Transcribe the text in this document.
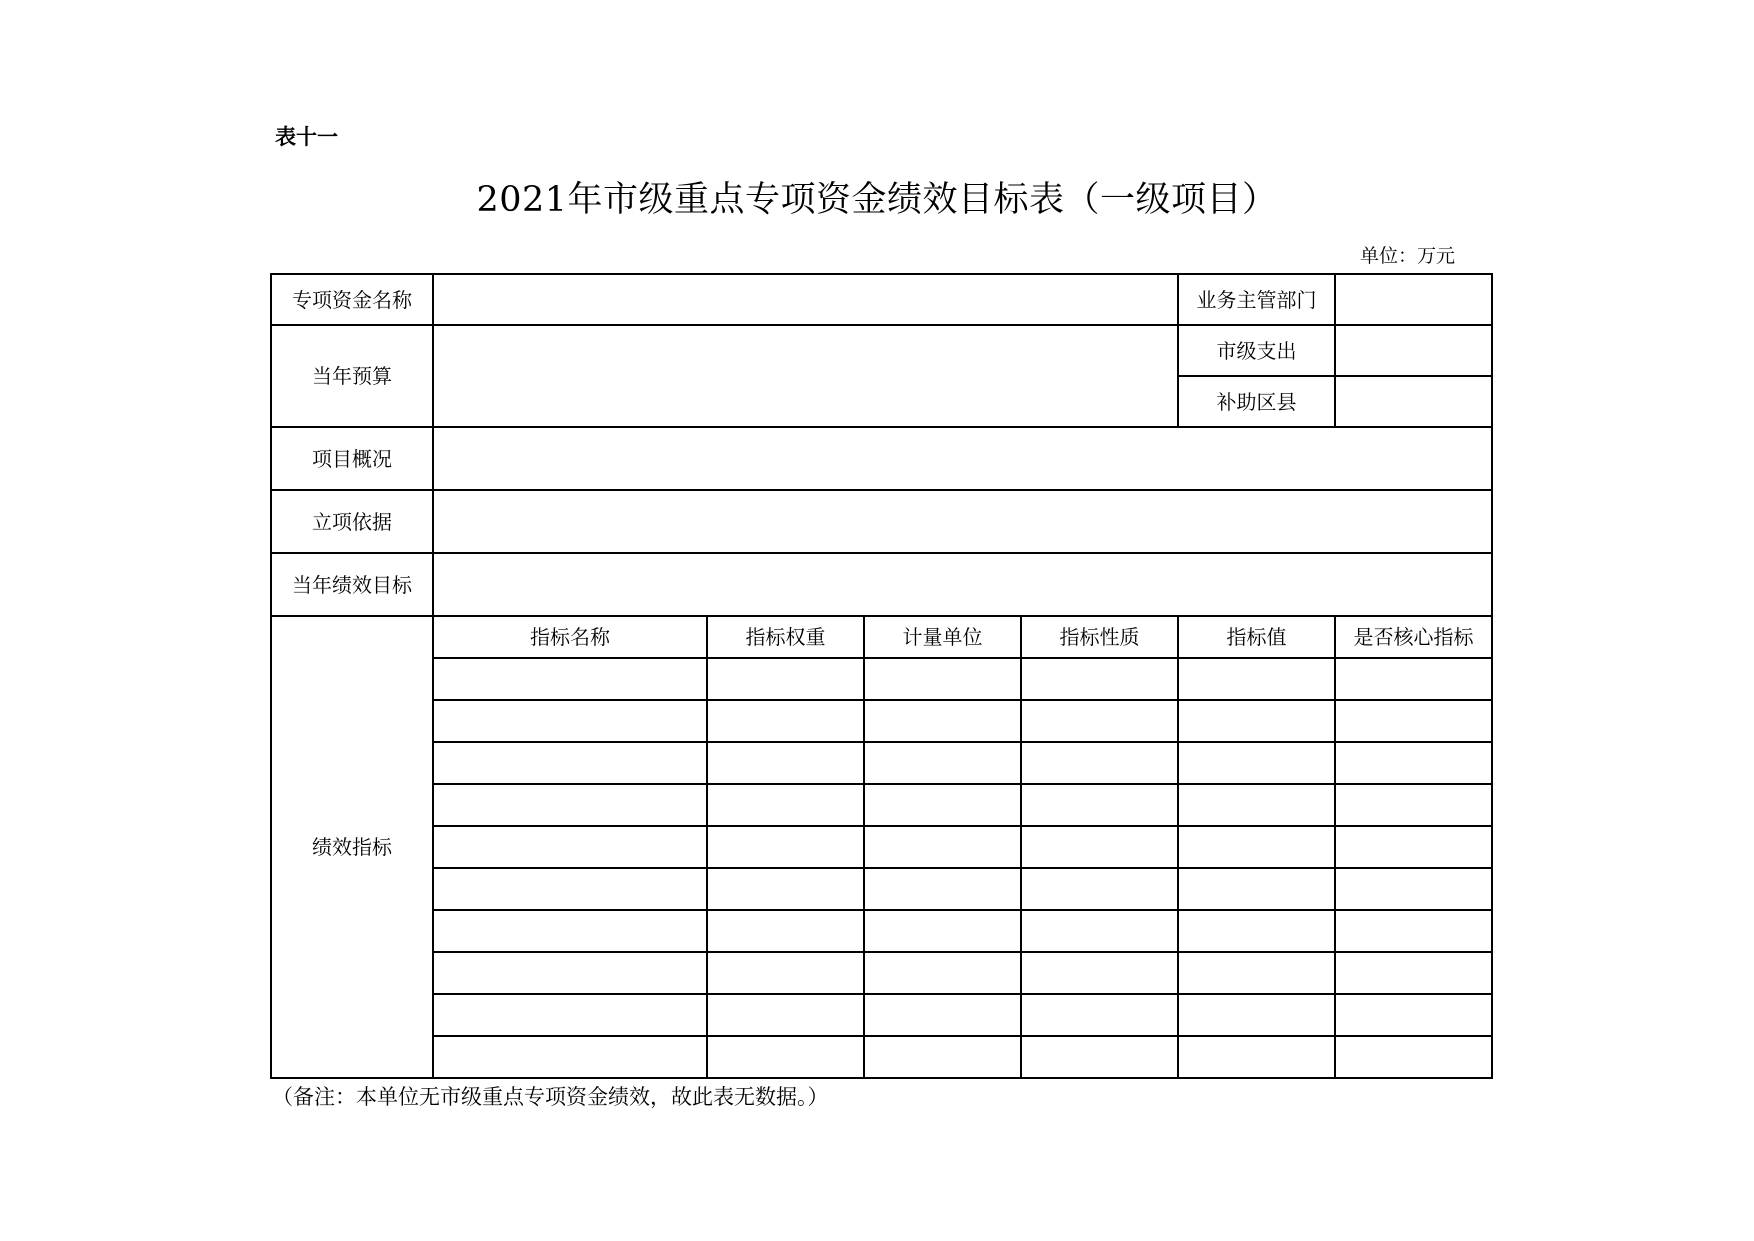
表十一
2021年市级重点专项资金绩效目标表（一级项目）
单位：万元
专项资金名称					业务主管部门	
当年预算					市级支出	
					补助区县	
项目概况						
立项依据						
当年绩效目标						
绩效指标	指标名称	指标权重	计量单位	指标性质	指标值	是否核心指标

（备注：本单位无市级重点专项资金绩效，故此表无数据。）
